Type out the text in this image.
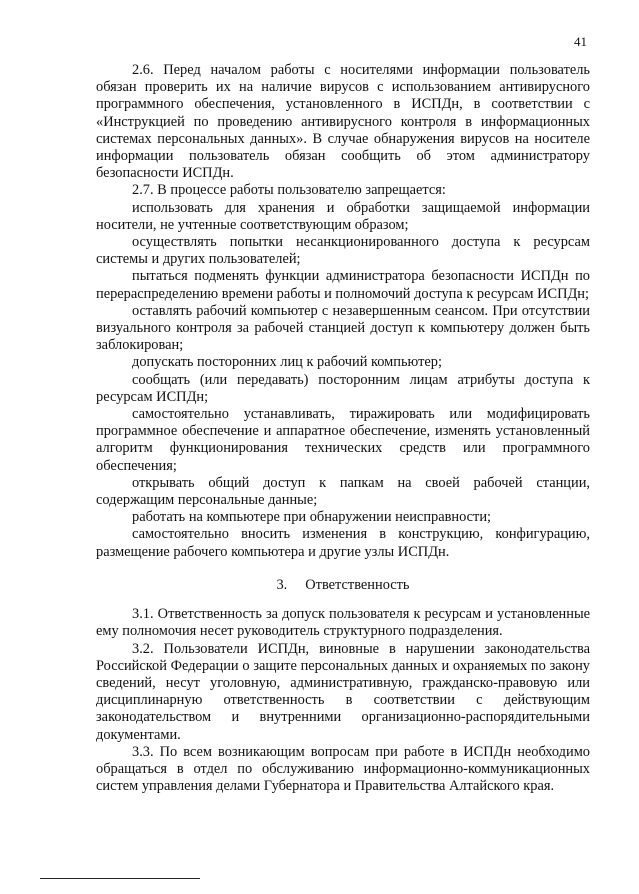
41

2.6. Перед началом работы с носителями информации пользователь обязан проверить их на наличие вирусов с использованием антивирусного программного обеспечения, установленного в ИСПДн, в соответствии с «Инструкцией по проведению антивирусного контроля в информационных системах персональных данных». В случае обнаружения вирусов на носителе информации пользователь обязан сообщить об этом администратору безопасности ИСПДн.

2.7. В процессе работы пользователю запрещается:

использовать для хранения и обработки защищаемой информации носители, не учтенные соответствующим образом;

осуществлять попытки несанкционированного доступа к ресурсам системы и других пользователей;

пытаться подменять функции администратора безопасности ИСПДн по перераспределению времени работы и полномочий доступа к ресурсам ИСПДн;

оставлять рабочий компьютер с незавершенным сеансом. При отсутствии визуального контроля за рабочей станцией доступ к компьютеру должен быть заблокирован;

допускать посторонних лиц к рабочий компьютер;

сообщать (или передавать) посторонним лицам атрибуты доступа к ресурсам ИСПДн;

самостоятельно устанавливать, тиражировать или модифицировать программное обеспечение и аппаратное обеспечение, изменять установленный алгоритм функционирования технических средств или программного обеспечения;

открывать общий доступ к папкам на своей рабочей станции, содержащим персональные данные;

работать на компьютере при обнаружении неисправности;

самостоятельно вносить изменения в конструкцию, конфигурацию, размещение рабочего компьютера и другие узлы ИСПДн.

3. Ответственность

3.1. Ответственность за допуск пользователя к ресурсам и установленные ему полномочия несет руководитель структурного подразделения.

3.2. Пользователи ИСПДн, виновные в нарушении законодательства Российской Федерации о защите персональных данных и охраняемых по закону сведений, несут уголовную, административную, гражданско-правовую или дисциплинарную ответственность в соответствии с действующим законодательством и внутренними организационно-распорядительными документами.

3.3. По всем возникающим вопросам при работе в ИСПДн необходимо обращаться в отдел по обслуживанию информационно-коммуникационных систем управления делами Губернатора и Правительства Алтайского края.
